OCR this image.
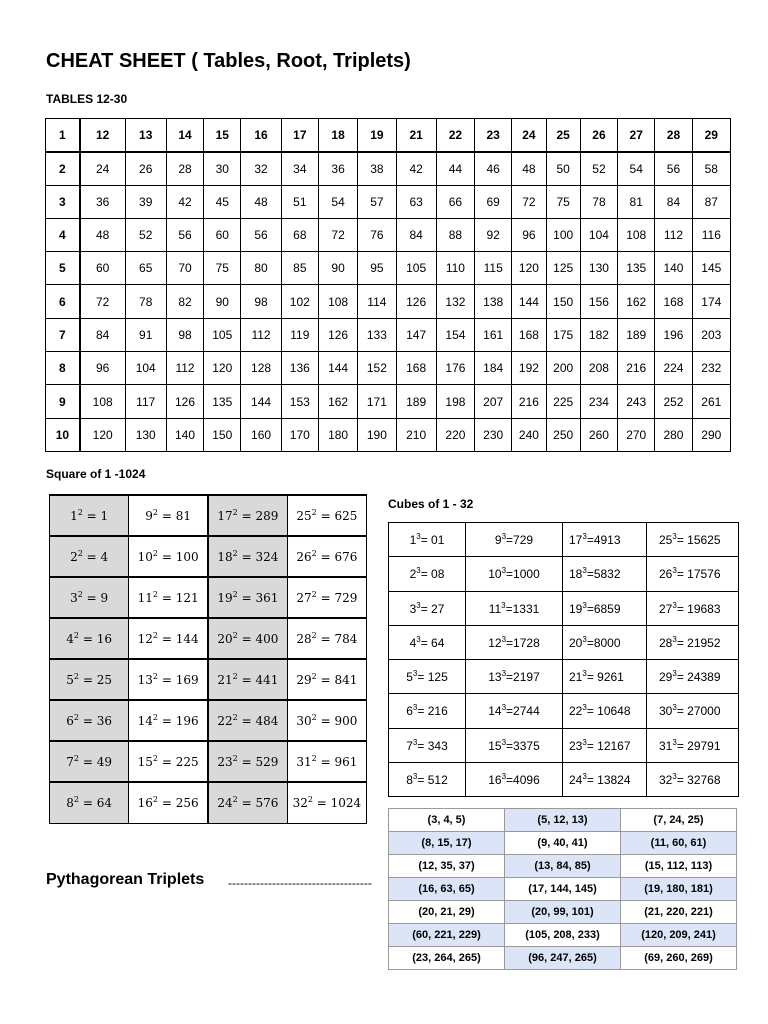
CHEAT SHEET ( Tables, Root, Triplets)
TABLES 12-30
1	12	13	14	15	16	17	18	19	21	22	23	24	25	26	27	28	29
2	24	26	28	30	32	34	36	38	42	44	46	48	50	52	54	56	58
3	36	39	42	45	48	51	54	57	63	66	69	72	75	78	81	84	87
4	48	52	56	60	56	68	72	76	84	88	92	96	100	104	108	112	116
5	60	65	70	75	80	85	90	95	105	110	115	120	125	130	135	140	145
6	72	78	82	90	98	102	108	114	126	132	138	144	150	156	162	168	174
7	84	91	98	105	112	119	126	133	147	154	161	168	175	182	189	196	203
8	96	104	112	120	128	136	144	152	168	176	184	192	200	208	216	224	232
9	108	117	126	135	144	153	162	171	189	198	207	216	225	234	243	252	261
10	120	130	140	150	160	170	180	190	210	220	230	240	250	260	270	280	290
Square of 1 -1024
$1^2 = 1$	$9^2 = 81$	$17^2 = 289$	$25^2 = 625$
$2^2 = 4$	$10^2 = 100$	$18^2 = 324$	$26^2 = 676$
$3^2 = 9$	$11^2 = 121$	$19^2 = 361$	$27^2 = 729$
$4^2 = 16$	$12^2 = 144$	$20^2 = 400$	$28^2 = 784$
$5^2 = 25$	$13^2 = 169$	$21^2 = 441$	$29^2 = 841$
$6^2 = 36$	$14^2 = 196$	$22^2 = 484$	$30^2 = 900$
$7^2 = 49$	$15^2 = 225$	$23^2 = 529$	$31^2 = 961$
$8^2 = 64$	$16^2 = 256$	$24^2 = 576$	$32^2 = 1024$
Cubes of 1 - 32
$1^3= 01$	$9^3=729$	$17^3=4913$	$25^3= 15625$
$2^3= 08$	$10^3=1000$	$18^3=5832$	$26^3= 17576$
$3^3= 27$	$11^3=1331$	$19^3=6859$	$27^3= 19683$
$4^3= 64$	$12^3=1728$	$20^3=8000$	$28^3= 21952$
$5^3= 125$	$13^3=2197$	$21^3= 9261$	$29^3= 24389$
$6^3= 216$	$14^3=2744$	$22^3= 10648$	$30^3= 27000$
$7^3= 343$	$15^3=3375$	$23^3= 12167$	$31^3= 29791$
$8^3= 512$	$16^3=4096$	$24^3= 13824$	$32^3= 32768$
Pythagorean Triplets ------------------------------------
(3, 4, 5)	(5, 12, 13)	(7, 24, 25)
(8, 15, 17)	(9, 40, 41)	(11, 60, 61)
(12, 35, 37)	(13, 84, 85)	(15, 112, 113)
(16, 63, 65)	(17, 144, 145)	(19, 180, 181)
(20, 21, 29)	(20, 99, 101)	(21, 220, 221)
(60, 221, 229)	(105, 208, 233)	(120, 209, 241)
(23, 264, 265)	(96, 247, 265)	(69, 260, 269)
